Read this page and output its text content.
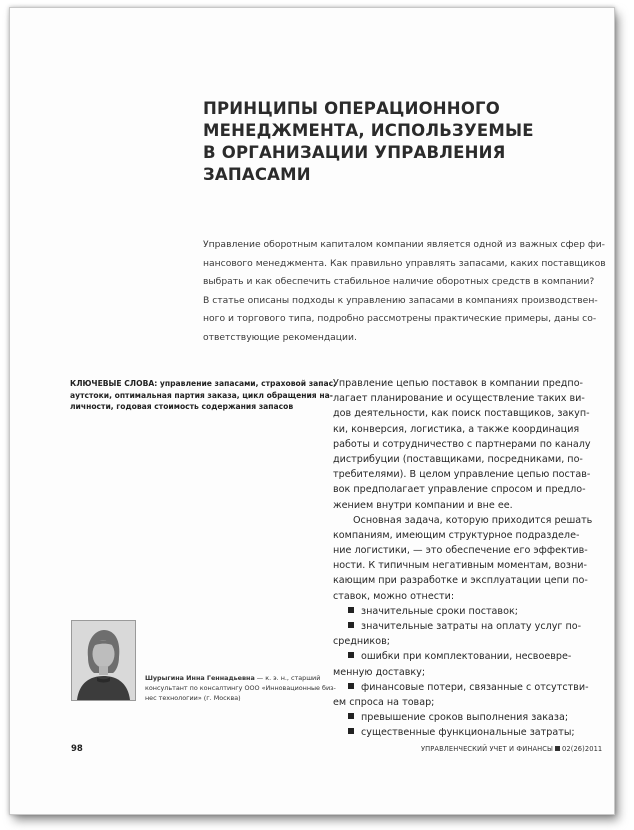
ПРИНЦИПЫ ОПЕРАЦИОННОГО
МЕНЕДЖМЕНТА, ИСПОЛЬЗУЕМЫЕ
В ОРГАНИЗАЦИИ УПРАВЛЕНИЯ
ЗАПАСАМИ
Управление оборотным капиталом компании является одной из важных сфер фи-
нансового менеджмента. Как правильно управлять запасами, каких поставщиков
выбрать и как обеспечить стабильное наличие оборотных средств в компании?
В статье описаны подходы к управлению запасами в компаниях производствен-
ного и торгового типа, подробно рассмотрены практические примеры, даны со-
ответствующие рекомендации.
КЛЮЧЕВЫЕ СЛОВА: управление запасами, страховой запас,
аутстоки, оптимальная партия заказа, цикл обращения на-
личности, годовая стоимость содержания запасов
Управление цепью поставок в компании предпо-
лагает планирование и осуществление таких ви-
дов деятельности, как поиск поставщиков, закуп-
ки, конверсия, логистика, а также координация
работы и сотрудничество с партнерами по каналу
дистрибуции (поставщиками, посредниками, по-
требителями). В целом управление цепью постав-
вок предполагает управление спросом и предло-
жением внутри компании и вне ее.
Основная задача, которую приходится решать
компаниям, имеющим структурное подразделе-
ние логистики, — это обеспечение его эффектив-
ности. К типичным негативным моментам, возни-
кающим при разработке и эксплуатации цепи по-
ставок, можно отнести:
значительные сроки поставок;
значительные затраты на оплату услуг по-
средников;
ошибки при комплектовании, несвоевре-
менную доставку;
финансовые потери, связанные с отсутстви-
ем спроса на товар;
превышение сроков выполнения заказа;
существенные функциональные затраты;
Шурыгина Инна Геннадьевна — к. э. н., старший
консультант по консалтингу ООО «Инновационные биз-
нес технологии» (г. Москва)
98	УПРАВЛЕНЧЕСКИЙ УЧЕТ И ФИНАНСЫ 02(26)2011
